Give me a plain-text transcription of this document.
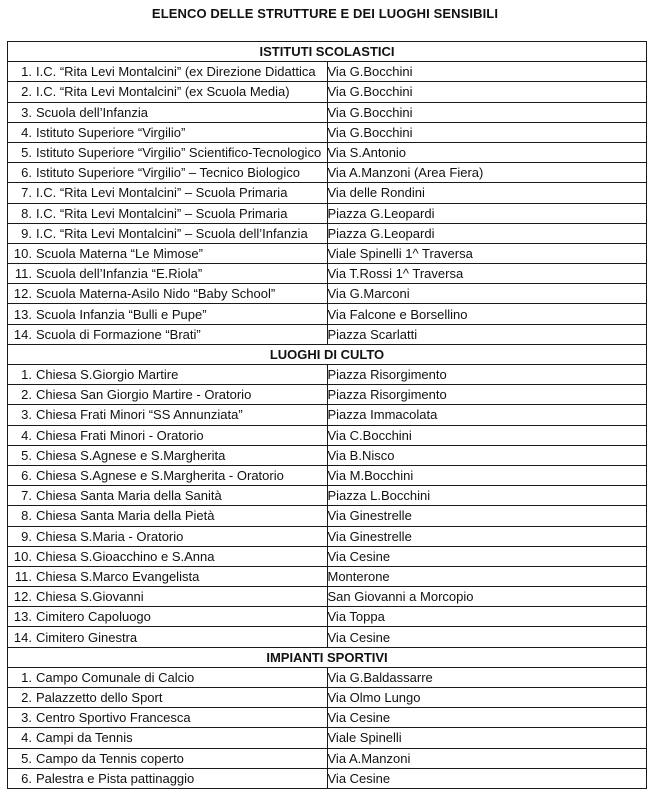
ELENCO DELLE STRUTTURE E DEI LUOGHI SENSIBILI
ISTITUTI SCOLASTICI	
1. I.C. “Rita Levi Montalcini” (ex Direzione Didattica	Via G.Bocchini
2. I.C. “Rita Levi Montalcini” (ex Scuola Media)	Via G.Bocchini
3. Scuola dell’Infanzia	Via G.Bocchini
4. Istituto Superiore “Virgilio”	Via G.Bocchini
5. Istituto Superiore “Virgilio” Scientifico-Tecnologico	Via S.Antonio
6. Istituto Superiore “Virgilio” – Tecnico Biologico	Via A.Manzoni (Area Fiera)
7. I.C. “Rita Levi Montalcini” – Scuola Primaria	Via delle Rondini
8. I.C. “Rita Levi Montalcini” – Scuola Primaria	Piazza G.Leopardi
9. I.C. “Rita Levi Montalcini” – Scuola dell’Infanzia	Piazza G.Leopardi
10. Scuola Materna “Le Mimose”	Viale Spinelli 1^ Traversa
11. Scuola dell’Infanzia “E.Riola”	Via T.Rossi 1^ Traversa
12. Scuola Materna-Asilo Nido “Baby School”	Via G.Marconi
13. Scuola Infanzia “Bulli e Pupe”	Via Falcone e Borsellino
14. Scuola di Formazione “Brati”	Piazza Scarlatti
LUOGHI DI CULTO	
1. Chiesa S.Giorgio Martire	Piazza Risorgimento
2. Chiesa San Giorgio Martire - Oratorio	Piazza Risorgimento
3. Chiesa Frati Minori “SS Annunziata”	Piazza Immacolata
4. Chiesa Frati Minori - Oratorio	Via C.Bocchini
5. Chiesa S.Agnese e S.Margherita	Via B.Nisco
6. Chiesa S.Agnese e S.Margherita - Oratorio	Via M.Bocchini
7. Chiesa Santa Maria della Sanità	Piazza L.Bocchini
8. Chiesa Santa Maria della Pietà	Via Ginestrelle
9. Chiesa S.Maria - Oratorio	Via Ginestrelle
10. Chiesa S.Gioacchino e S.Anna	Via Cesine
11. Chiesa S.Marco Evangelista	Monterone
12. Chiesa S.Giovanni	San Giovanni a Morcopio
13. Cimitero Capoluogo	Via Toppa
14. Cimitero Ginestra	Via Cesine
IMPIANTI SPORTIVI	
1. Campo Comunale di Calcio	Via G.Baldassarre
2. Palazzetto dello Sport	Via Olmo Lungo
3. Centro Sportivo Francesca	Via Cesine
4. Campi da Tennis	Viale Spinelli
5. Campo da Tennis coperto	Via A.Manzoni
6. Palestra e Pista pattinaggio	Via Cesine
